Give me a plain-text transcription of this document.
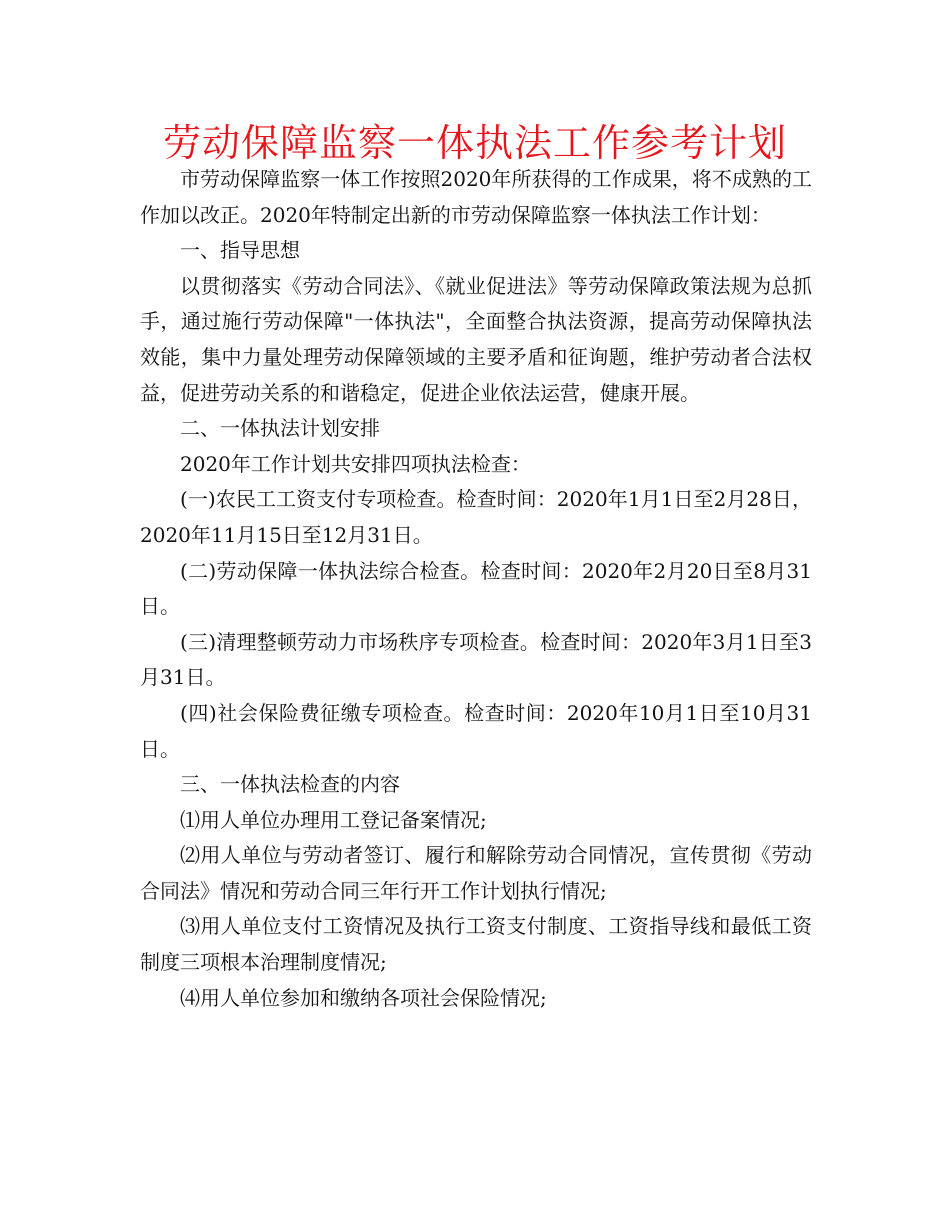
劳动保障监察一体执法工作参考计划

市劳动保障监察一体工作按照2020年所获得的工作成果，将不成熟的工作加以改正。2020年特制定出新的市劳动保障监察一体执法工作计划：

一、指导思想

以贯彻落实《劳动合同法》、《就业促进法》等劳动保障政策法规为总抓手，通过施行劳动保障"一体执法"，全面整合执法资源，提高劳动保障执法效能，集中力量处理劳动保障领域的主要矛盾和征询题，维护劳动者合法权益，促进劳动关系的和谐稳定，促进企业依法运营，健康开展。

二、一体执法计划安排

2020年工作计划共安排四项执法检查：

(一)农民工工资支付专项检查。检查时间：2020年1月1日至2月28日，2020年11月15日至12月31日。

(二)劳动保障一体执法综合检查。检查时间：2020年2月20日至8月31日。

(三)清理整顿劳动力市场秩序专项检查。检查时间：2020年3月1日至3月31日。

(四)社会保险费征缴专项检查。检查时间：2020年10月1日至10月31日。

三、一体执法检查的内容

⑴用人单位办理用工登记备案情况;

⑵用人单位与劳动者签订、履行和解除劳动合同情况，宣传贯彻《劳动合同法》情况和劳动合同三年行开工作计划执行情况;

⑶用人单位支付工资情况及执行工资支付制度、工资指导线和最低工资制度三项根本治理制度情况;

⑷用人单位参加和缴纳各项社会保险情况;
